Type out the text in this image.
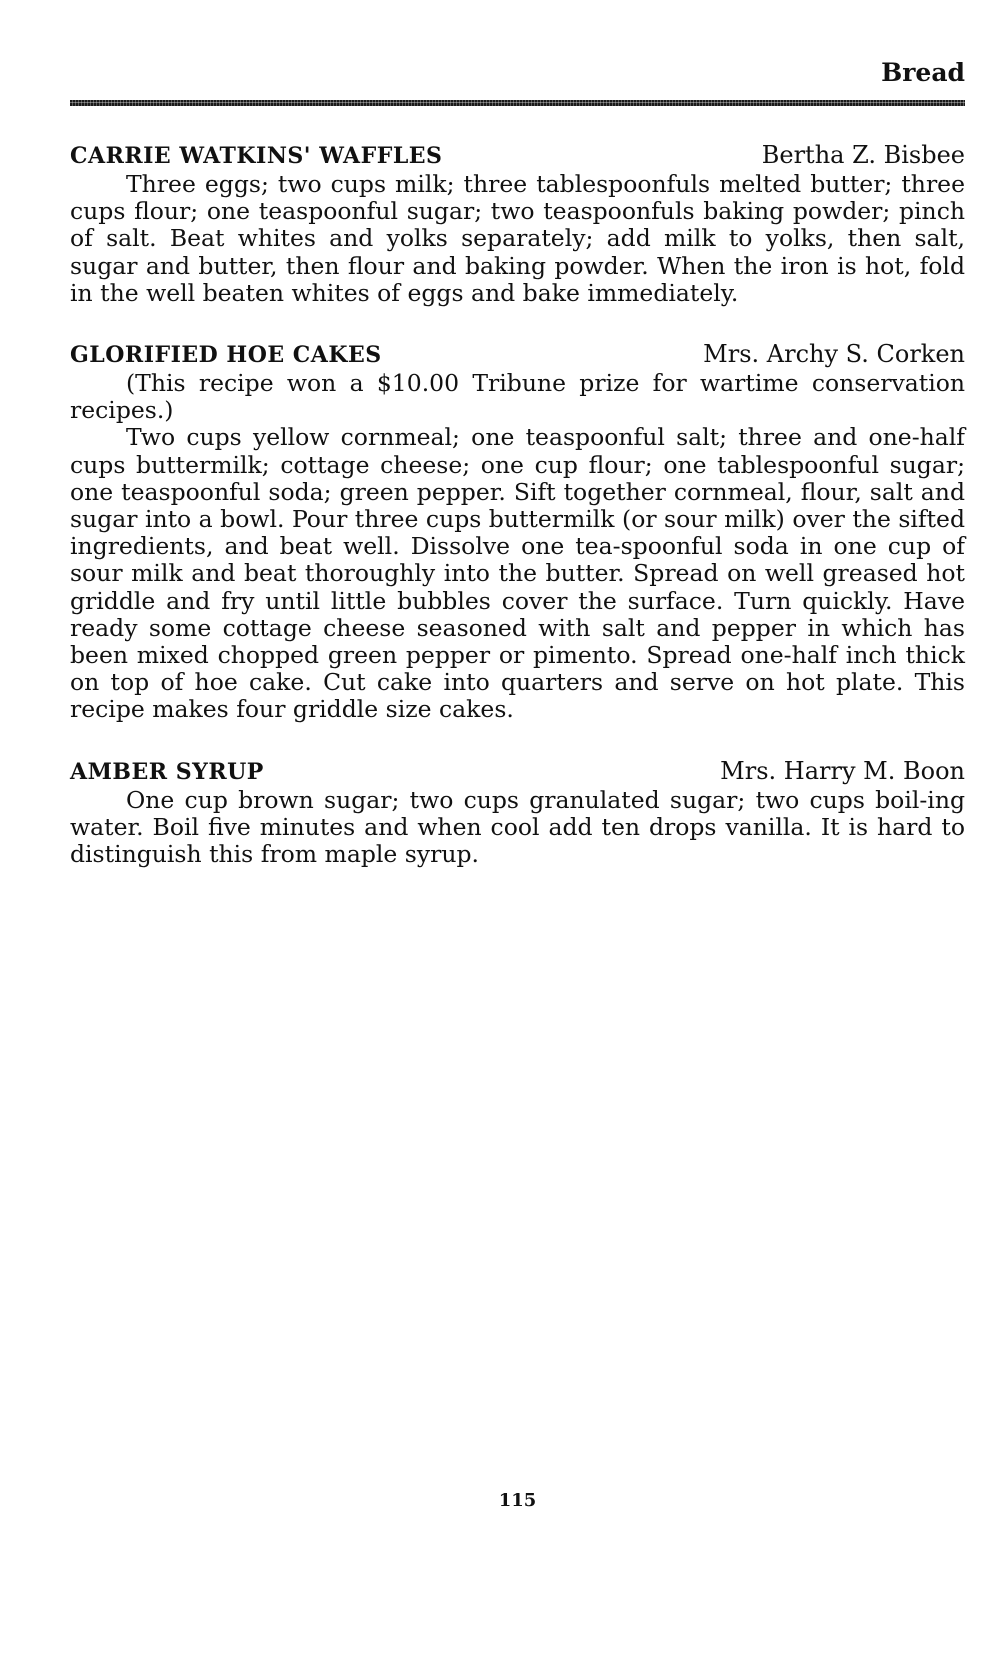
Bread
CARRIE WATKINS' WAFFLES	Bertha Z. Bisbee

Three eggs; two cups milk; three tablespoonfuls melted butter; three cups flour; one teaspoonful sugar; two teaspoonfuls baking powder; pinch of salt. Beat whites and yolks separately; add milk to yolks, then salt, sugar and butter, then flour and baking powder. When the iron is hot, fold in the well beaten whites of eggs and bake immediately.

GLORIFIED HOE CAKES	Mrs. Archy S. Corken

(This recipe won a $10.00 Tribune prize for wartime conservation recipes.)

Two cups yellow cornmeal; one teaspoonful salt; three and one-half cups buttermilk; cottage cheese; one cup flour; one tablespoonful sugar; one teaspoonful soda; green pepper. Sift together cornmeal, flour, salt and sugar into a bowl. Pour three cups buttermilk (or sour milk) over the sifted ingredients, and beat well. Dissolve one tea-spoonful soda in one cup of sour milk and beat thoroughly into the butter. Spread on well greased hot griddle and fry until little bubbles cover the surface. Turn quickly. Have ready some cottage cheese seasoned with salt and pepper in which has been mixed chopped green pepper or pimento. Spread one-half inch thick on top of hoe cake. Cut cake into quarters and serve on hot plate. This recipe makes four griddle size cakes.

AMBER SYRUP	Mrs. Harry M. Boon

One cup brown sugar; two cups granulated sugar; two cups boil-ing water. Boil five minutes and when cool add ten drops vanilla. It is hard to distinguish this from maple syrup.

115
